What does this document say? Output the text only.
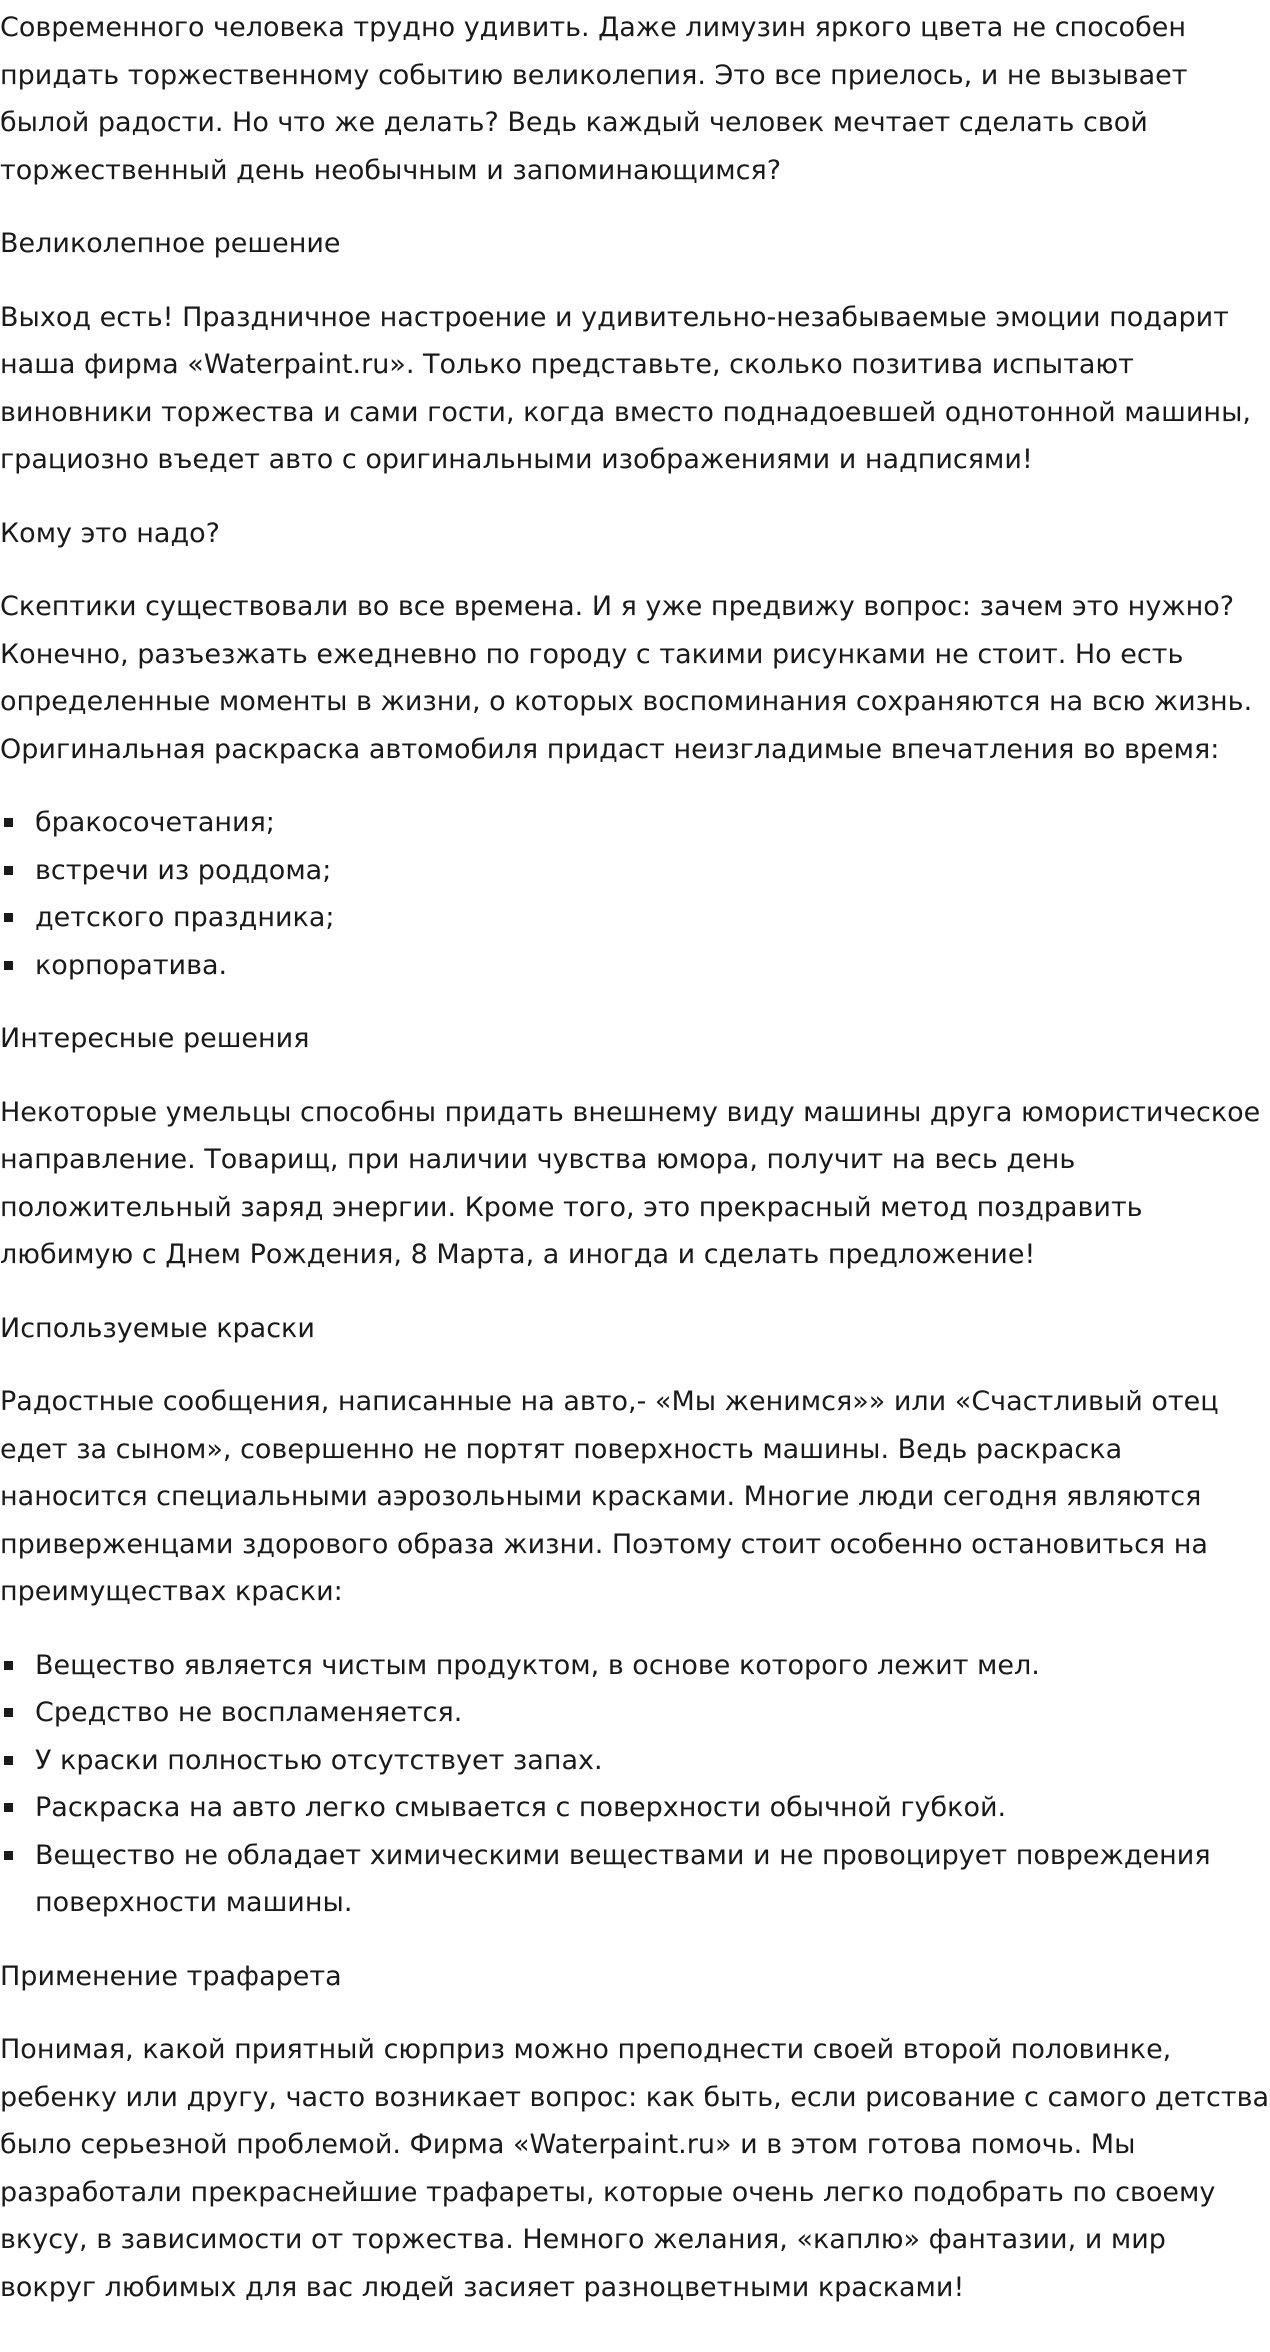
Современного человека трудно удивить. Даже лимузин яркого цвета не способен придать торжественному событию великолепия. Это все приелось, и не вызывает былой радости. Но что же делать? Ведь каждый человек мечтает сделать свой торжественный день необычным и запоминающимся?

Великолепное решение

Выход есть! Праздничное настроение и удивительно-незабываемые эмоции подарит наша фирма «Waterpaint.ru». Только представьте, сколько позитива испытают виновники торжества и сами гости, когда вместо поднадоевшей однотонной машины, грациозно въедет авто с оригинальными изображениями и надписями!

Кому это надо?

Скептики существовали во все времена. И я уже предвижу вопрос: зачем это нужно? Конечно, разъезжать ежедневно по городу с такими рисунками не стоит. Но есть определенные моменты в жизни, о которых воспоминания сохраняются на всю жизнь. Оригинальная раскраска автомобиля придаст неизгладимые впечатления во время:

бракосочетания;
встречи из роддома;
детского праздника;
корпоратива.

Интересные решения

Некоторые умельцы способны придать внешнему виду машины друга юмористическое направление. Товарищ, при наличии чувства юмора, получит на весь день положительный заряд энергии. Кроме того, это прекрасный метод поздравить любимую с Днем Рождения, 8 Марта, а иногда и сделать предложение!

Используемые краски

Радостные сообщения, написанные на авто,- «Мы женимся»» или «Счастливый отец едет за сыном», совершенно не портят поверхность машины. Ведь раскраска наносится специальными аэрозольными красками. Многие люди сегодня являются приверженцами здорового образа жизни. Поэтому стоит особенно остановиться на преимуществах краски:

Вещество является чистым продуктом, в основе которого лежит мел.
Средство не воспламеняется.
У краски полностью отсутствует запах.
Раскраска на авто легко смывается с поверхности обычной губкой.
Вещество не обладает химическими веществами и не провоцирует повреждения поверхности машины.

Применение трафарета

Понимая, какой приятный сюрприз можно преподнести своей второй половинке, ребенку или другу, часто возникает вопрос: как быть, если рисование с самого детства было серьезной проблемой. Фирма «Waterpaint.ru» и в этом готова помочь. Мы разработали прекраснейшие трафареты, которые очень легко подобрать по своему вкусу, в зависимости от торжества. Немного желания, «каплю» фантазии, и мир вокруг любимых для вас людей засияет разноцветными красками!
